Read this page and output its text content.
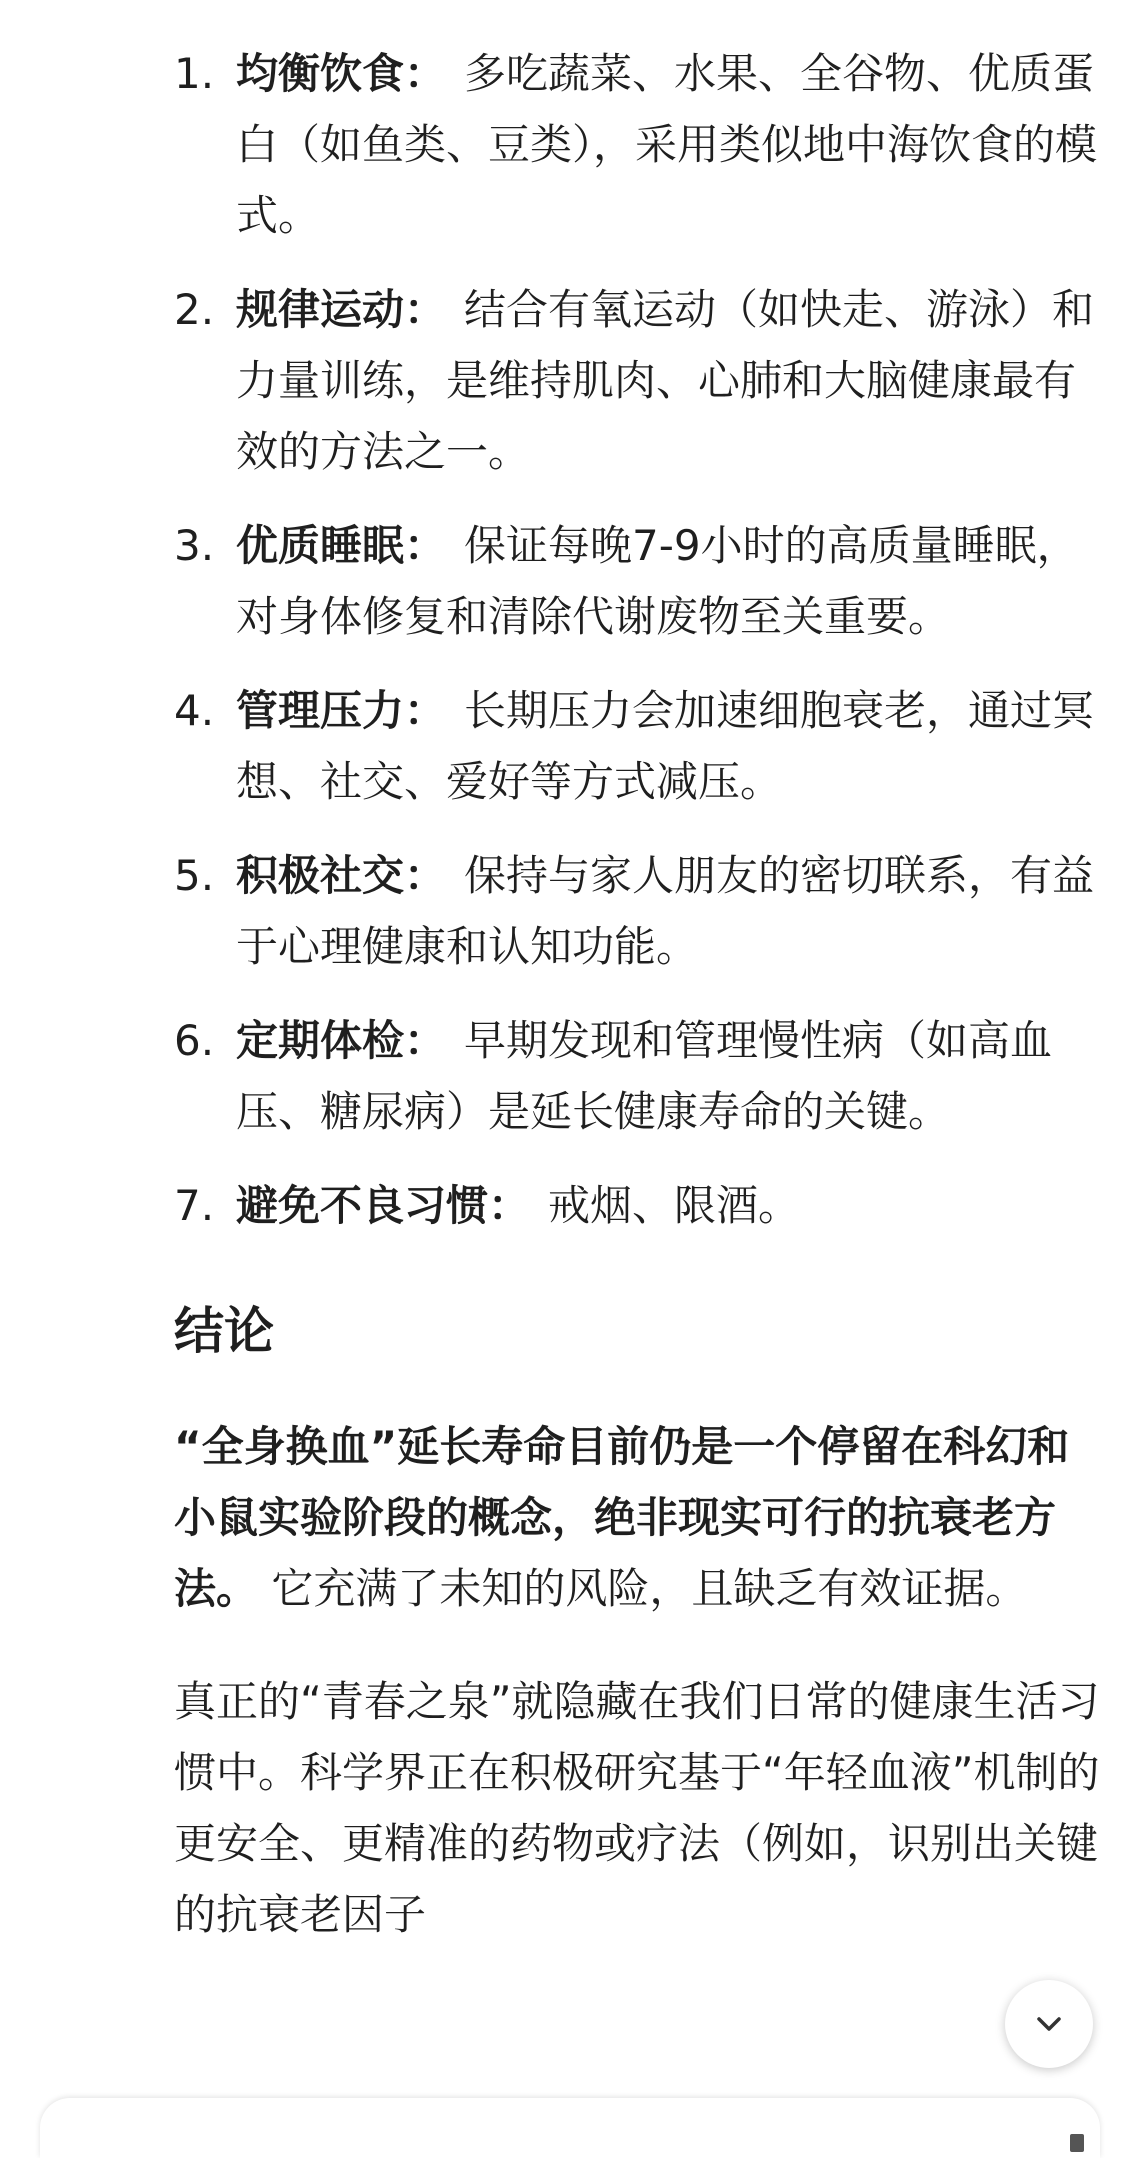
1. 均衡饮食： 多吃蔬菜、水果、全谷物、优质蛋白（如鱼类、豆类），采用类似地中海饮食的模式。
2. 规律运动： 结合有氧运动（如快走、游泳）和力量训练，是维持肌肉、心肺和大脑健康最有效的方法之一。
3. 优质睡眠： 保证每晚7-9小时的高质量睡眠，对身体修复和清除代谢废物至关重要。
4. 管理压力： 长期压力会加速细胞衰老，通过冥想、社交、爱好等方式减压。
5. 积极社交： 保持与家人朋友的密切联系，有益于心理健康和认知功能。
6. 定期体检： 早期发现和管理慢性病（如高血压、糖尿病）是延长健康寿命的关键。
7. 避免不良习惯： 戒烟、限酒。
结论

“全身换血”延长寿命目前仍是一个停留在科幻和小鼠实验阶段的概念，绝非现实可行的抗衰老方法。 它充满了未知的风险，且缺乏有效证据。

真正的“青春之泉”就隐藏在我们日常的健康生活习惯中。科学界正在积极研究基于“年轻血液”机制的更安全、更精准的药物或疗法（例如，识别出关键的抗衰老因子
